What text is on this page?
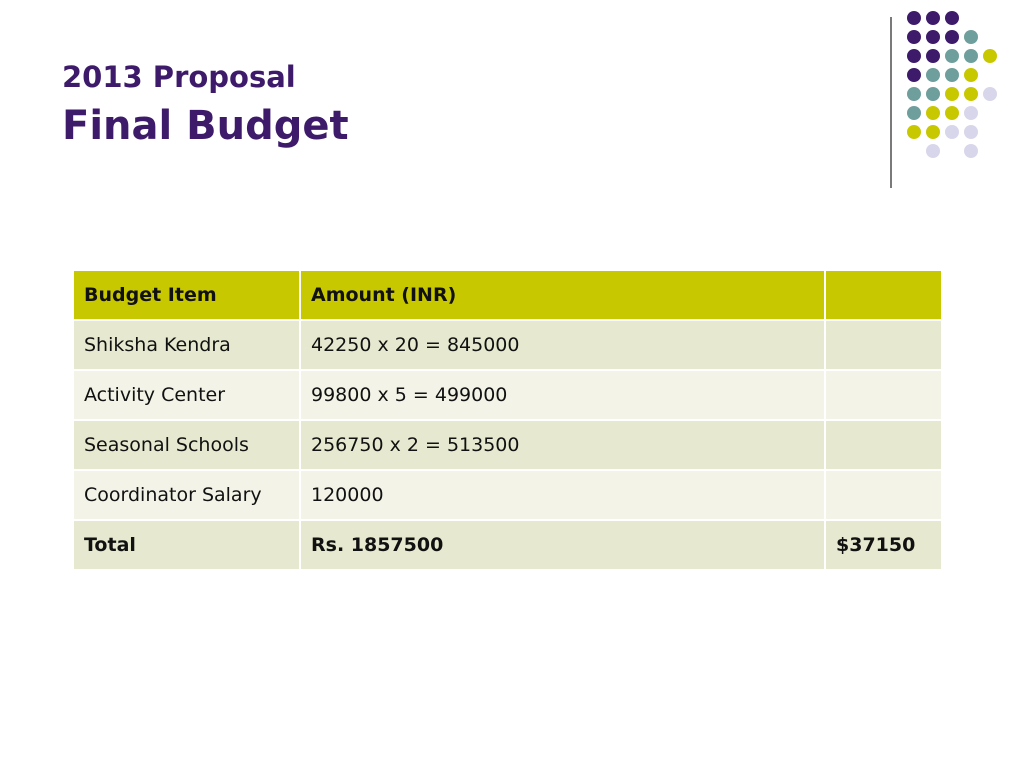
2013 Proposal
Final Budget
Budget Item	Amount (INR)	
Shiksha Kendra	42250 x 20 = 845000	
Activity Center	99800 x 5 = 499000	
Seasonal Schools	256750 x 2 = 513500	
Coordinator Salary	120000	
Total	Rs. 1857500	$37150
